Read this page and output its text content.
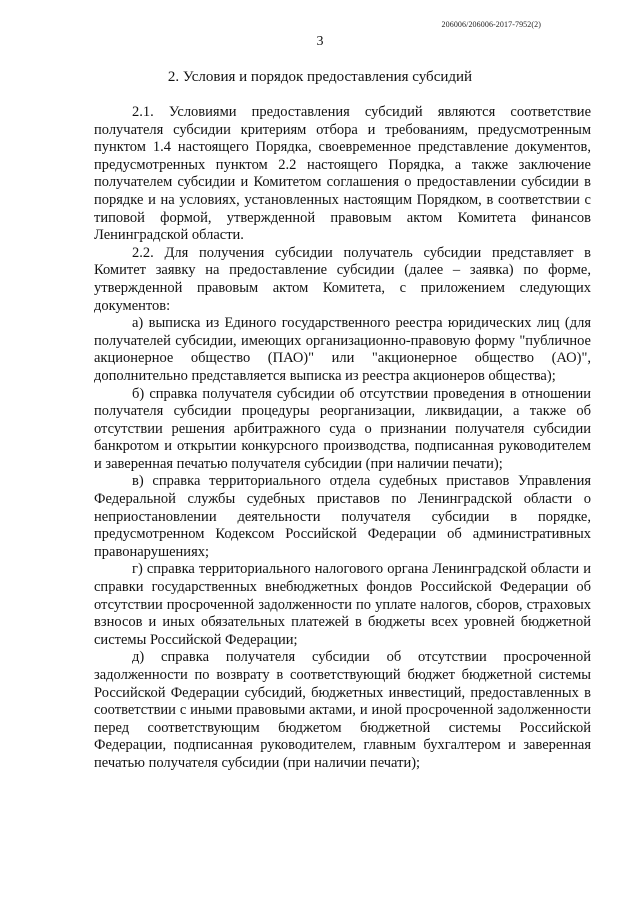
206006/206006-2017-7952(2)
3
2. Условия и порядок предоставления субсидий

2.1. Условиями предоставления субсидий являются соответствие получателя субсидии критериям отбора и требованиям, предусмотренным пунктом 1.4 настоящего Порядка, своевременное представление документов, предусмотренных пунктом 2.2 настоящего Порядка, а также заключение получателем субсидии и Комитетом соглашения о предоставлении субсидии в порядке и на условиях, установленных настоящим Порядком, в соответствии с типовой формой, утвержденной правовым актом Комитета финансов Ленинградской области.

2.2. Для получения субсидии получатель субсидии представляет в Комитет заявку на предоставление субсидии (далее – заявка) по форме, утвержденной правовым актом Комитета, с приложением следующих документов:

а) выписка из Единого государственного реестра юридических лиц (для получателей субсидии, имеющих организационно-правовую форму "публичное акционерное общество (ПАО)" или "акционерное общество (АО)", дополнительно представляется выписка из реестра акционеров общества);

б) справка получателя субсидии об отсутствии проведения в отношении получателя субсидии процедуры реорганизации, ликвидации, а также об отсутствии решения арбитражного суда о признании получателя субсидии банкротом и открытии конкурсного производства, подписанная руководителем и заверенная печатью получателя субсидии (при наличии печати);

в) справка территориального отдела судебных приставов Управления Федеральной службы судебных приставов по Ленинградской области о неприостановлении деятельности получателя субсидии в порядке, предусмотренном Кодексом Российской Федерации об административных правонарушениях;

г) справка территориального налогового органа Ленинградской области и справки государственных внебюджетных фондов Российской Федерации об отсутствии просроченной задолженности по уплате налогов, сборов, страховых взносов и иных обязательных платежей в бюджеты всех уровней бюджетной системы Российской Федерации;

д) справка получателя субсидии об отсутствии просроченной задолженности по возврату в соответствующий бюджет бюджетной системы Российской Федерации субсидий, бюджетных инвестиций, предоставленных в соответствии с иными правовыми актами, и иной просроченной задолженности перед соответствующим бюджетом бюджетной системы Российской Федерации, подписанная руководителем, главным бухгалтером и заверенная печатью получателя субсидии (при наличии печати);
